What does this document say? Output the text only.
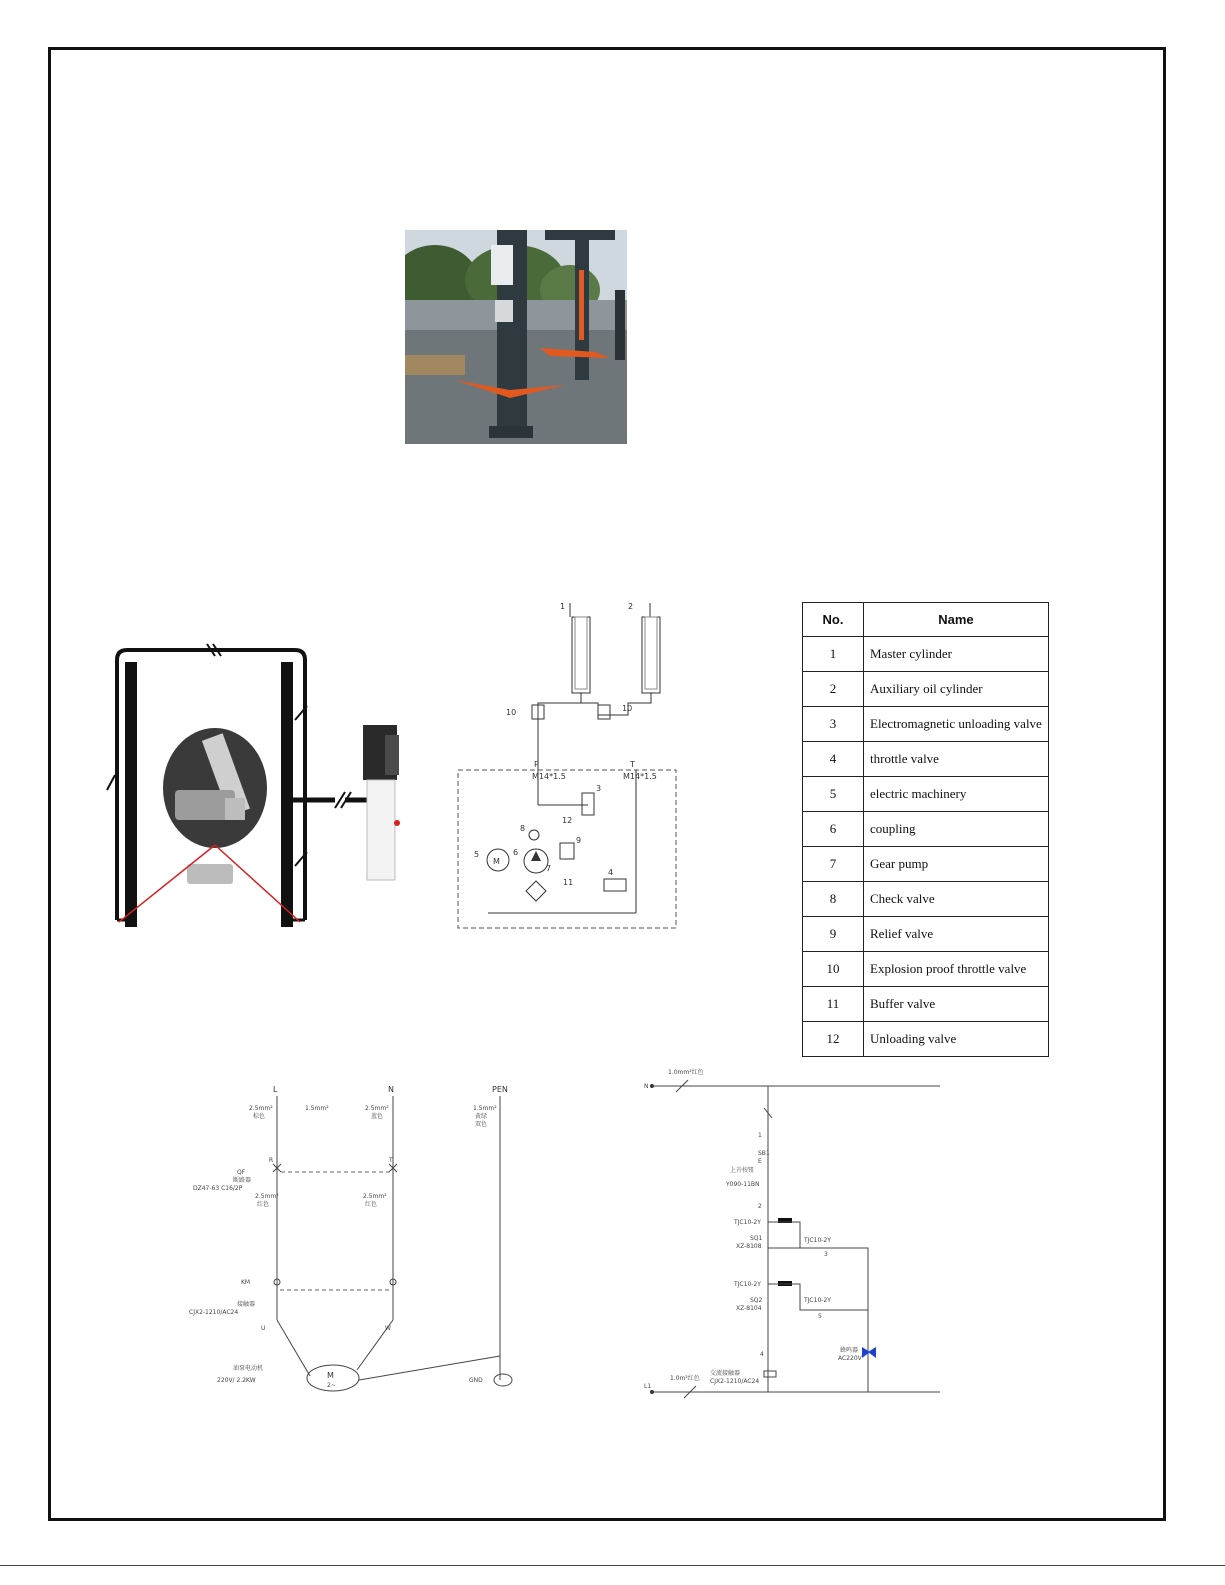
1	2
10	10
P	T
M14*1.5	M14*1.5
3
12
8
9
5
M
6
7
11
4
No.	Name
1	Master cylinder
2	Auxiliary oil cylinder
3	Electromagnetic unloading valve
4	throttle valve
5	electric machinery
6	coupling
7	Gear pump
8	Check valve
9	Relief valve
10	Explosion proof throttle valve
11	Buffer valve
12	Unloading valve
L	N	PEN
2.5mm²
棕色
1.5mm²	2.5mm²
蓝色
1.5mm²
黄绿
双色
R	T
QF
断路器
DZ47-63 C16/2P
2.5mm²
红色
2.5mm²
红色
KM
接触器
CJX2-1210/AC24
U	W
M
2~
油泵电动机
220V/ 2.2KW	GND
N
1.0mm²红色
1
SB1
E
上升按钮
Y090-11BN
2
TJC10-2Y
SQ1
XZ-8108
TJC10-2Y
3
TJC10-2Y
SQ2
XZ-8104
TJC10-2Y
5
4
蜂鸣器
AC220V
交流接触器
CJX2-1210/AC24
L1
1.0m²红色
